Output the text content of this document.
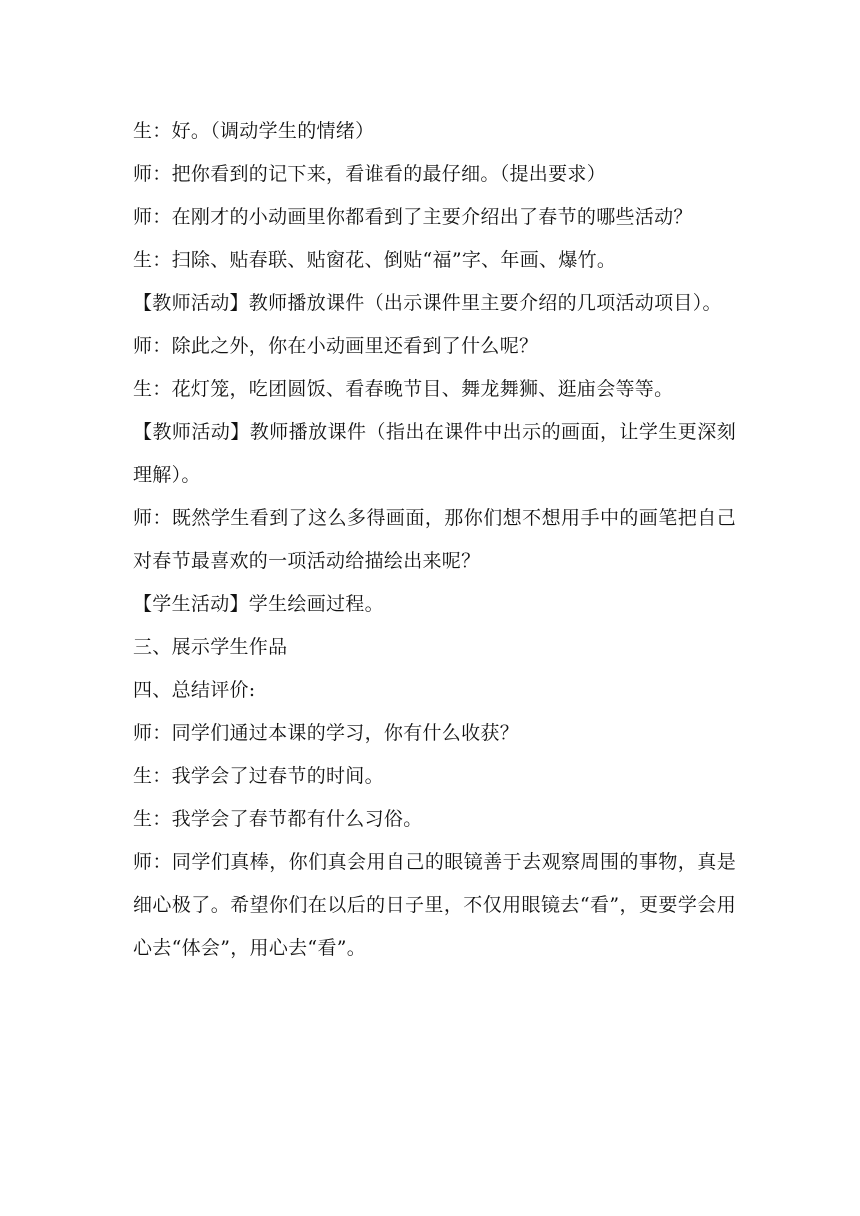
生：好。（调动学生的情绪）

师：把你看到的记下来，看谁看的最仔细。（提出要求）

师：在刚才的小动画里你都看到了主要介绍出了春节的哪些活动？

生：扫除、贴春联、贴窗花、倒贴“福”字、年画、爆竹。

【教师活动】教师播放课件（出示课件里主要介绍的几项活动项目）。

师：除此之外，你在小动画里还看到了什么呢？

生：花灯笼，吃团圆饭、看春晚节目、舞龙舞狮、逛庙会等等。

【教师活动】教师播放课件（指出在课件中出示的画面，让学生更深刻理解）。

师：既然学生看到了这么多得画面，那你们想不想用手中的画笔把自己对春节最喜欢的一项活动给描绘出来呢？

【学生活动】学生绘画过程。

三、展示学生作品

四、总结评价:

师：同学们通过本课的学习，你有什么收获？

生：我学会了过春节的时间。

生：我学会了春节都有什么习俗。

师：同学们真棒，你们真会用自己的眼镜善于去观察周围的事物，真是细心极了。希望你们在以后的日子里，不仅用眼镜去“看”，更要学会用心去“体会”，用心去“看”。
